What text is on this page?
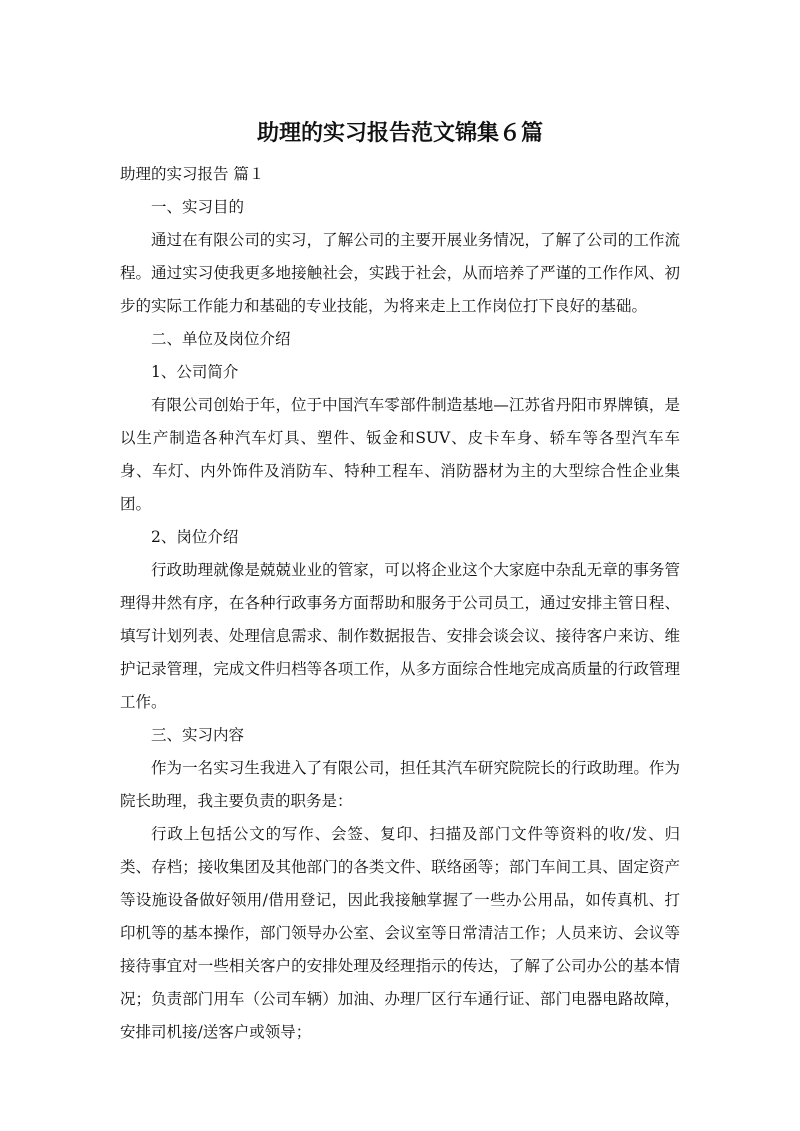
助理的实习报告范文锦集６篇

助理的实习报告 篇１

一、实习目的

通过在有限公司的实习，了解公司的主要开展业务情况，了解了公司的工作流程。通过实习使我更多地接触社会，实践于社会，从而培养了严谨的工作作风、初步的实际工作能力和基础的专业技能，为将来走上工作岗位打下良好的基础。

二、单位及岗位介绍

1、公司简介

有限公司创始于年，位于中国汽车零部件制造基地—江苏省丹阳市界牌镇，是以生产制造各种汽车灯具、塑件、钣金和SUV、皮卡车身、轿车等各型汽车车身、车灯、内外饰件及消防车、特种工程车、消防器材为主的大型综合性企业集团。

2、岗位介绍

行政助理就像是兢兢业业的管家，可以将企业这个大家庭中杂乱无章的事务管理得井然有序，在各种行政事务方面帮助和服务于公司员工，通过安排主管日程、填写计划列表、处理信息需求、制作数据报告、安排会谈会议、接待客户来访、维护记录管理，完成文件归档等各项工作，从多方面综合性地完成高质量的行政管理工作。

三、实习内容

作为一名实习生我进入了有限公司，担任其汽车研究院院长的行政助理。作为院长助理，我主要负责的职务是：

行政上包括公文的写作、会签、复印、扫描及部门文件等资料的收/发、归类、存档；接收集团及其他部门的各类文件、联络函等；部门车间工具、固定资产等设施设备做好领用/借用登记，因此我接触掌握了一些办公用品，如传真机、打印机等的基本操作，部门领导办公室、会议室等日常清洁工作；人员来访、会议等接待事宜对一些相关客户的安排处理及经理指示的传达，了解了公司办公的基本情况；负责部门用车（公司车辆）加油、办理厂区行车通行证、部门电器电路故障，安排司机接/送客户或领导；
